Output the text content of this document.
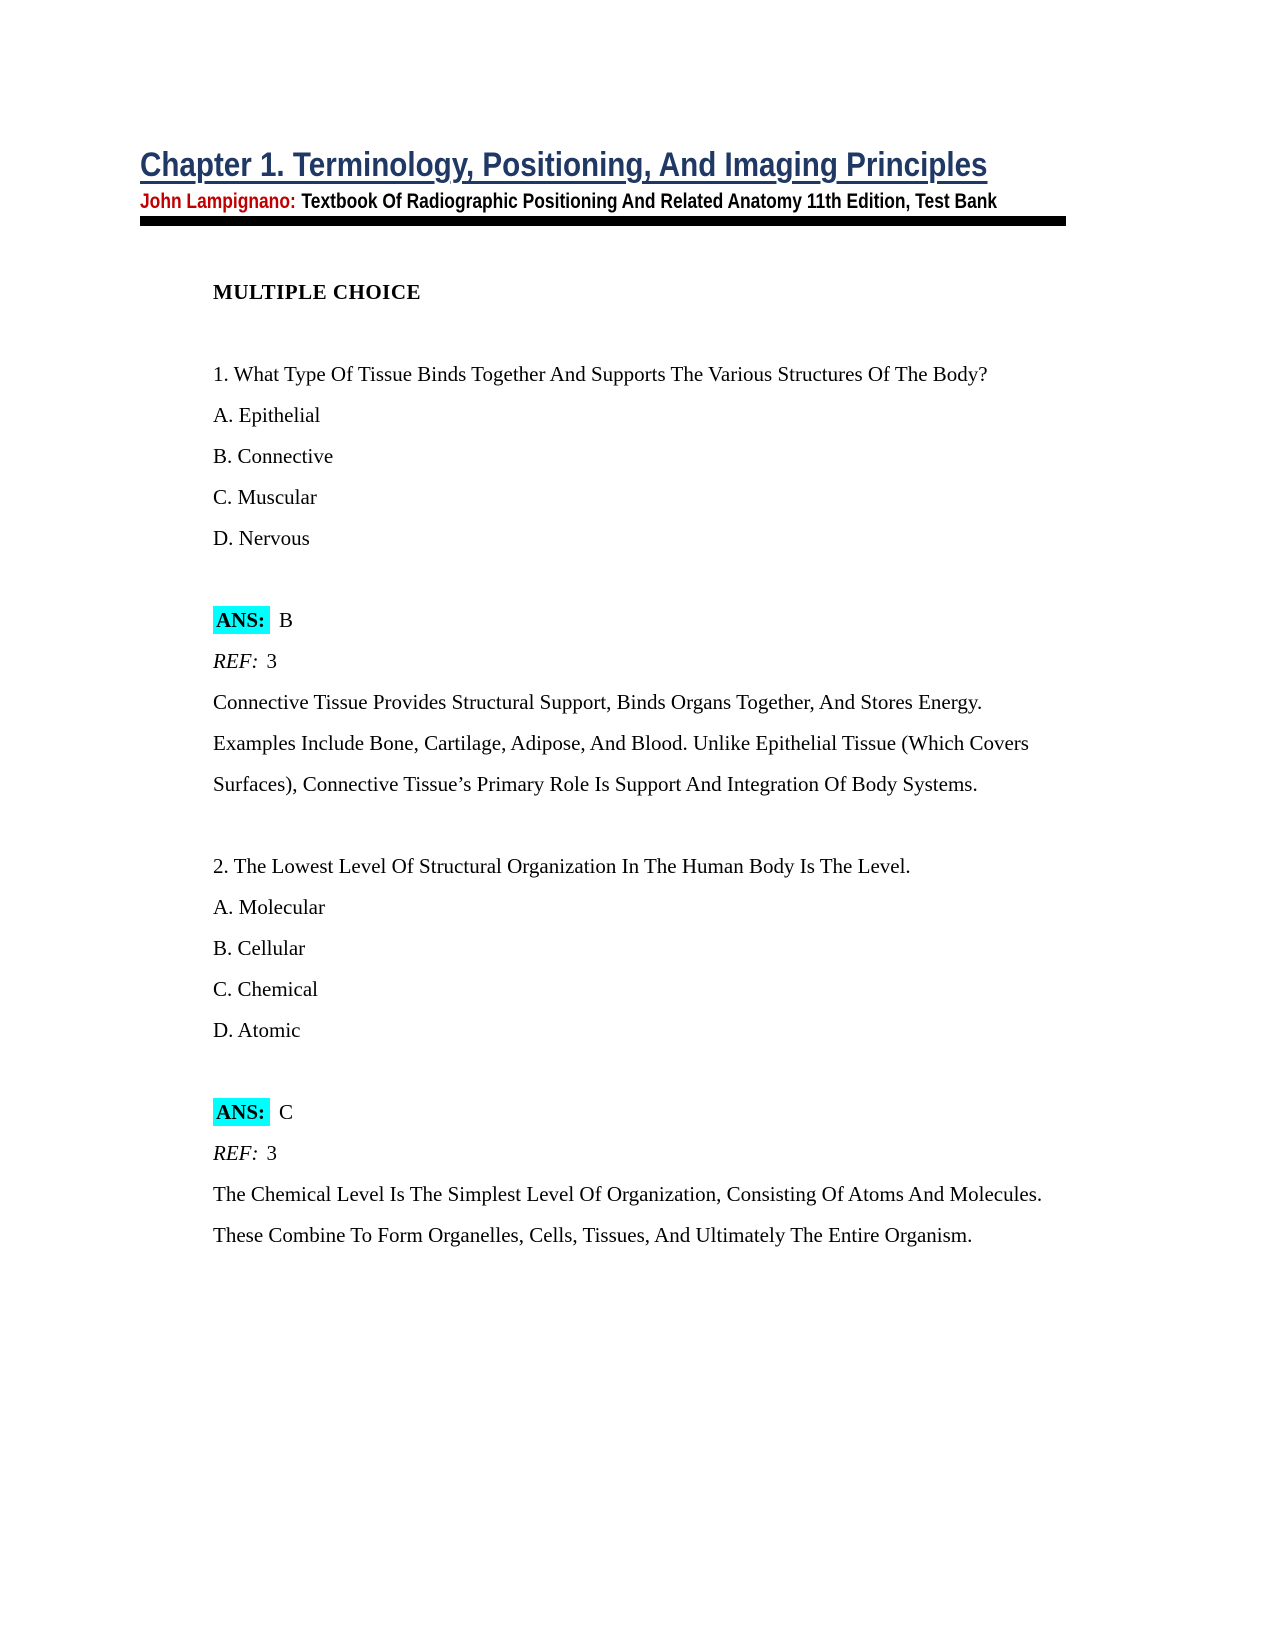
Chapter 1. Terminology, Positioning, And Imaging Principles
John Lampignano: Textbook Of Radiographic Positioning And Related Anatomy 11th Edition, Test Bank

MULTIPLE CHOICE

1. What Type Of Tissue Binds Together And Supports The Various Structures Of The Body?

A. Epithelial

B. Connective

C. Muscular

D. Nervous

ANS: B

REF: 3

Connective Tissue Provides Structural Support, Binds Organs Together, And Stores Energy. Examples Include Bone, Cartilage, Adipose, And Blood. Unlike Epithelial Tissue (Which Covers Surfaces), Connective Tissue’s Primary Role Is Support And Integration Of Body Systems.

2. The Lowest Level Of Structural Organization In The Human Body Is The Level.

A. Molecular

B. Cellular

C. Chemical

D. Atomic

ANS: C

REF: 3

The Chemical Level Is The Simplest Level Of Organization, Consisting Of Atoms And Molecules. These Combine To Form Organelles, Cells, Tissues, And Ultimately The Entire Organism.
